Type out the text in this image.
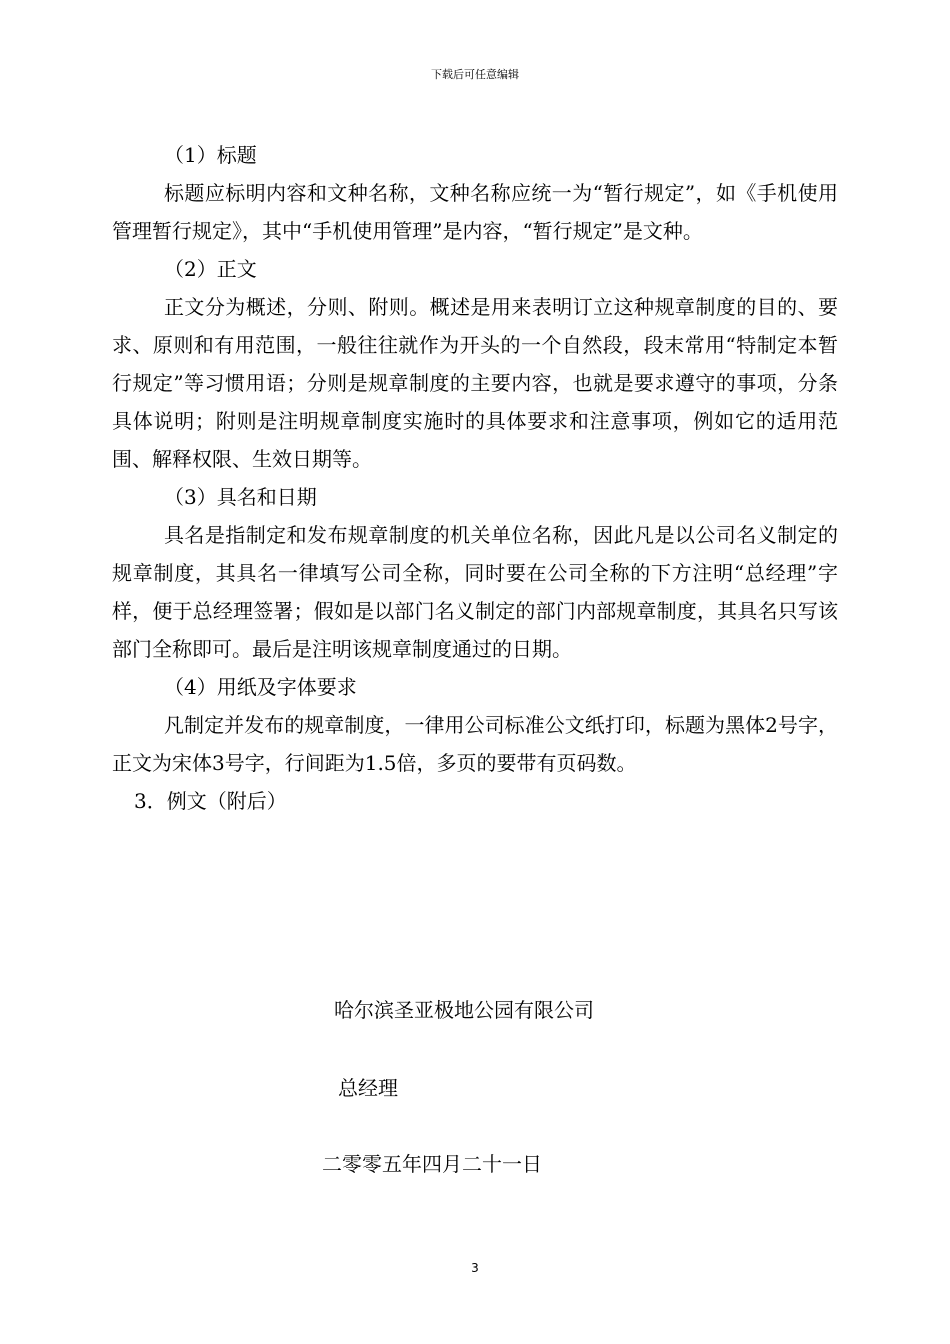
下载后可任意编辑

（1）标题

标题应标明内容和文种名称，文种名称应统一为“暂行规定”，如《手机使用管理暂行规定》，其中“手机使用管理”是内容，“暂行规定”是文种。

（2）正文

正文分为概述，分则、附则。概述是用来表明订立这种规章制度的目的、要求、原则和有用范围，一般往往就作为开头的一个自然段，段末常用“特制定本暂行规定”等习惯用语；分则是规章制度的主要内容，也就是要求遵守的事项，分条具体说明；附则是注明规章制度实施时的具体要求和注意事项，例如它的适用范围、解释权限、生效日期等。

（3）具名和日期

具名是指制定和发布规章制度的机关单位名称，因此凡是以公司名义制定的规章制度，其具名一律填写公司全称，同时要在公司全称的下方注明“总经理”字样，便于总经理签署；假如是以部门名义制定的部门内部规章制度，其具名只写该部门全称即可。最后是注明该规章制度通过的日期。

（4）用纸及字体要求

凡制定并发布的规章制度，一律用公司标准公文纸打印，标题为黑体2号字，正文为宋体3号字，行间距为1.5倍，多页的要带有页码数。

3．例文（附后）

哈尔滨圣亚极地公园有限公司
总经理
二零零五年四月二十一日
3
